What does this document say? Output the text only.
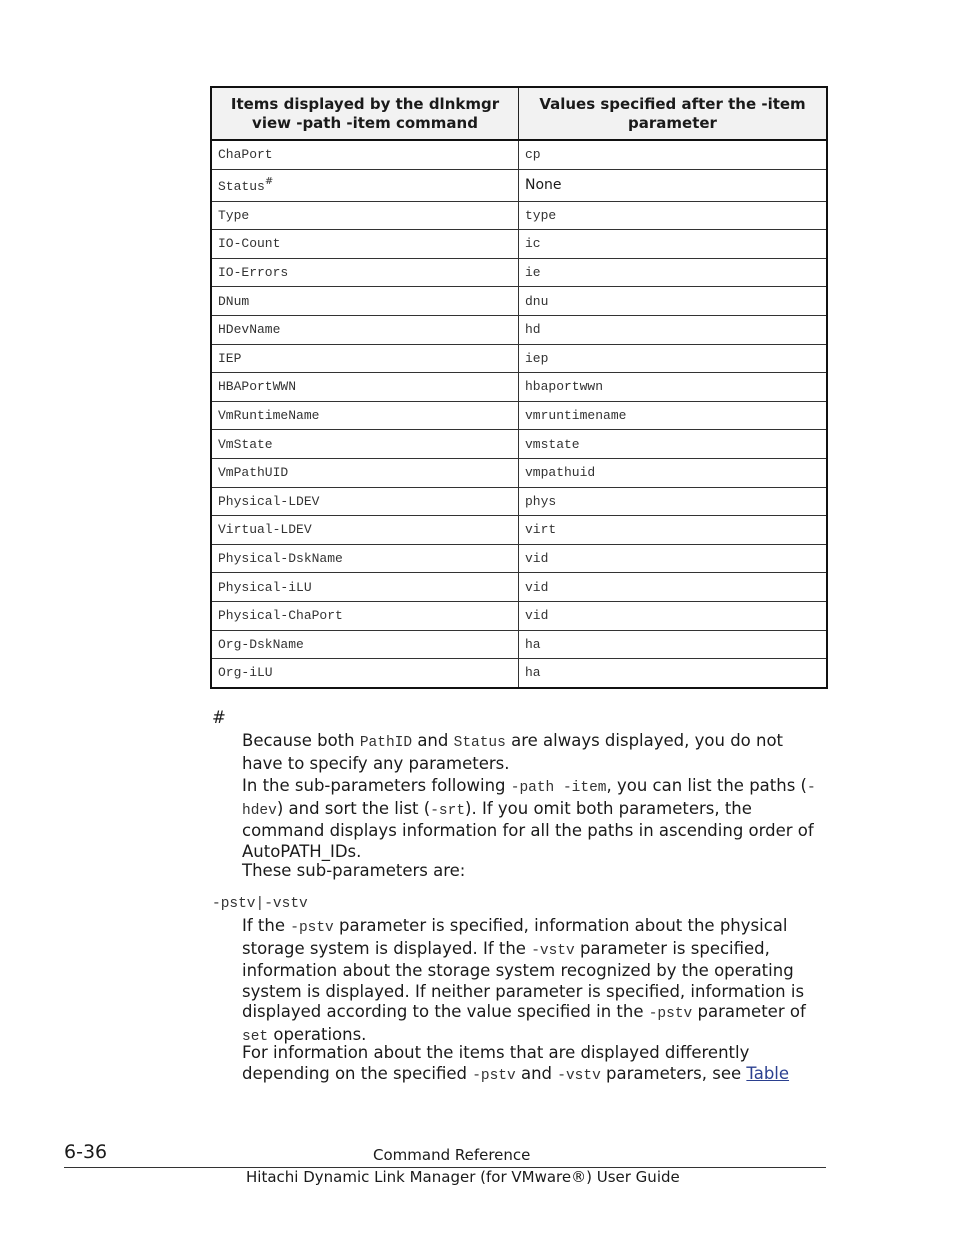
Items displayed by the dlnkmgr view -path -item command	Values specified after the -item parameter
ChaPort	cp
Status#	None
Type	type
IO-Count	ic
IO-Errors	ie
DNum	dnu
HDevName	hd
IEP	iep
HBAPortWWN	hbaportwwn
VmRuntimeName	vmruntimename
VmState	vmstate
VmPathUID	vmpathuid
Physical-LDEV	phys
Virtual-LDEV	virt
Physical-DskName	vid
Physical-iLU	vid
Physical-ChaPort	vid
Org-DskName	ha
Org-iLU	ha
#

Because both PathID and Status are always displayed, you do not have to specify any parameters.

In the sub-parameters following -path -item, you can list the paths (-hdev) and sort the list (-srt). If you omit both parameters, the command displays information for all the paths in ascending order of AutoPATH_IDs.

These sub-parameters are:

-pstv|-vstv

If the -pstv parameter is specified, information about the physical storage system is displayed. If the -vstv parameter is specified, information about the storage system recognized by the operating system is displayed. If neither parameter is specified, information is displayed according to the value specified in the -pstv parameter of set operations.

For information about the items that are displayed differently depending on the specified -pstv and -vstv parameters, see Table

6-36	Command Reference
Hitachi Dynamic Link Manager (for VMware®) User Guide
